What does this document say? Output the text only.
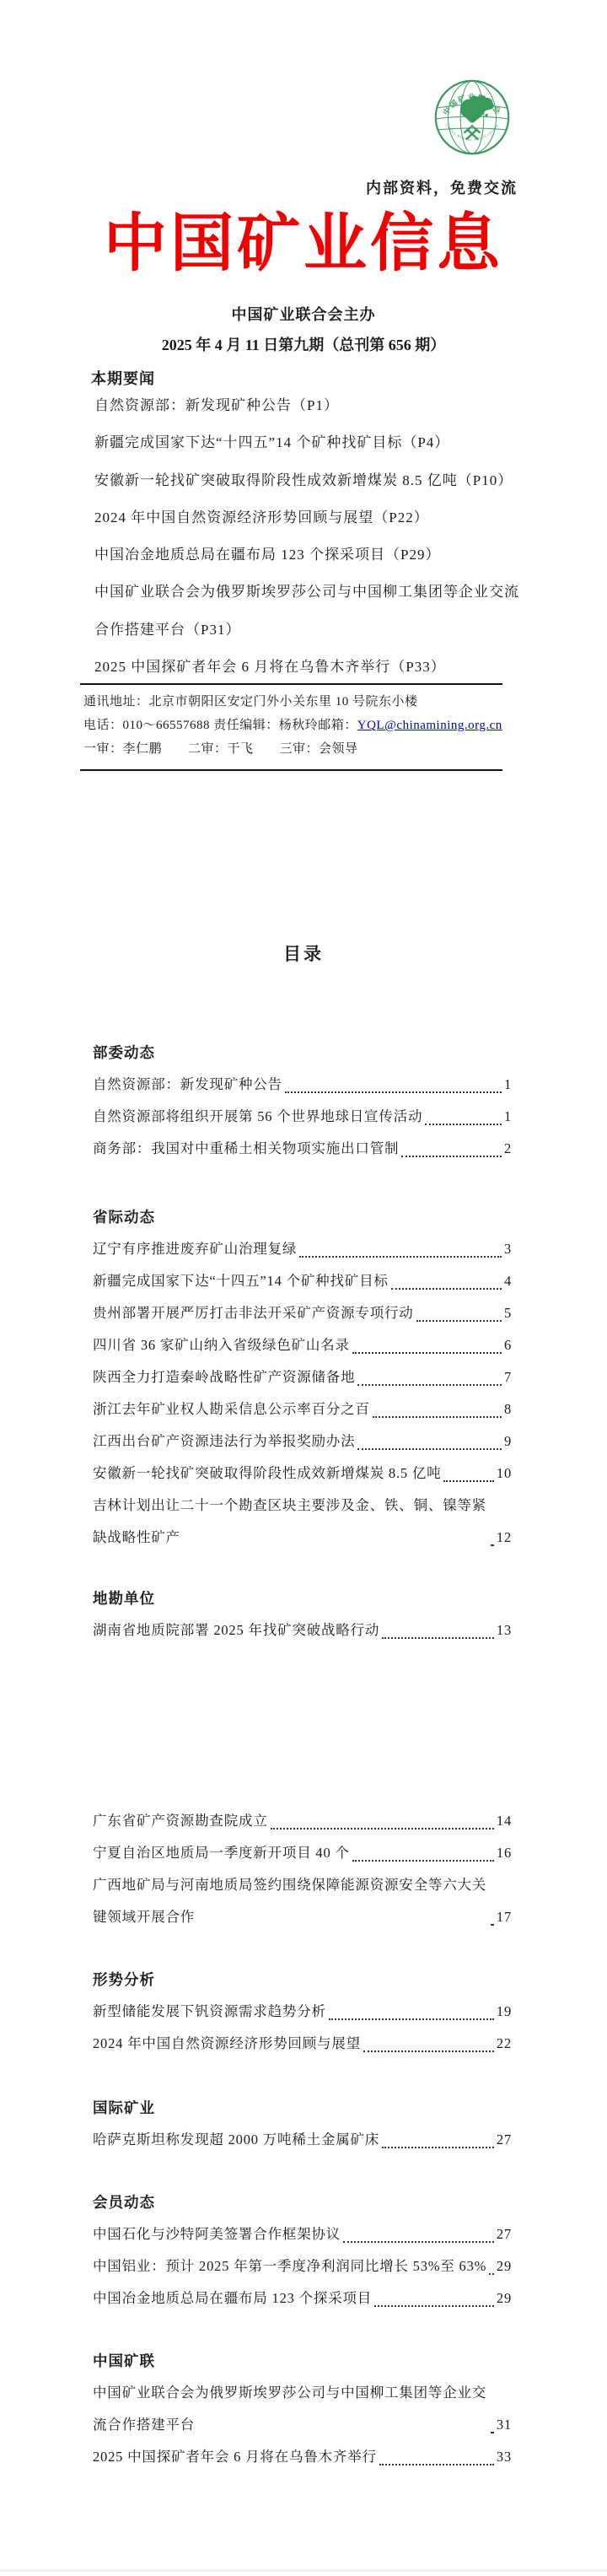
中国矿业联合会
CHINA MINING ASSOCIATION
内部资料，免费交流
中国矿业信息
中国矿业联合会主办
2025 年 4 月 11 日第九期（总刊第 656 期）
本期要闻
自然资源部：新发现矿种公告（P1）
新疆完成国家下达“十四五”14 个矿种找矿目标（P4）
安徽新一轮找矿突破取得阶段性成效新增煤炭 8.5 亿吨（P10）
2024 年中国自然资源经济形势回顾与展望（P22）
中国冶金地质总局在疆布局 123 个探采项目（P29）
中国矿业联合会为俄罗斯埃罗莎公司与中国柳工集团等企业交流合作搭建平台（P31）
2025 中国探矿者年会 6 月将在乌鲁木齐举行（P33）
通讯地址：北京市朝阳区安定门外小关东里 10 号院东小楼
电话：010～66557688 责任编辑：杨秋玲邮箱：YQL@chinamining.org.cn
一审：李仁鹏　　二审：干飞　　三审：会领导
目录
部委动态
自然资源部：新发现矿种公告	1
自然资源部将组织开展第 56 个世界地球日宣传活动	1
商务部：我国对中重稀土相关物项实施出口管制	2
省际动态
辽宁有序推进废弃矿山治理复绿	3
新疆完成国家下达“十四五”14 个矿种找矿目标	4
贵州部署开展严厉打击非法开采矿产资源专项行动	5
四川省 36 家矿山纳入省级绿色矿山名录	6
陕西全力打造秦岭战略性矿产资源储备地	7
浙江去年矿业权人勘采信息公示率百分之百	8
江西出台矿产资源违法行为举报奖励办法	9
安徽新一轮找矿突破取得阶段性成效新增煤炭 8.5 亿吨	10
吉林计划出让二十一个勘查区块主要涉及金、铁、铜、镍等紧缺战略性矿产	12
地勘单位
湖南省地质院部署 2025 年找矿突破战略行动	13
广东省矿产资源勘查院成立	14
宁夏自治区地质局一季度新开项目 40 个	16
广西地矿局与河南地质局签约围绕保障能源资源安全等六大关键领域开展合作	17
形势分析
新型储能发展下钒资源需求趋势分析	19
2024 年中国自然资源经济形势回顾与展望	22
国际矿业
哈萨克斯坦称发现超 2000 万吨稀土金属矿床	27
会员动态
中国石化与沙特阿美签署合作框架协议	27
中国铝业：预计 2025 年第一季度净利润同比增长 53%至 63% 29
中国冶金地质总局在疆布局 123 个探采项目	29
中国矿联
中国矿业联合会为俄罗斯埃罗莎公司与中国柳工集团等企业交流合作搭建平台	31
2025 中国探矿者年会 6 月将在乌鲁木齐举行	33
